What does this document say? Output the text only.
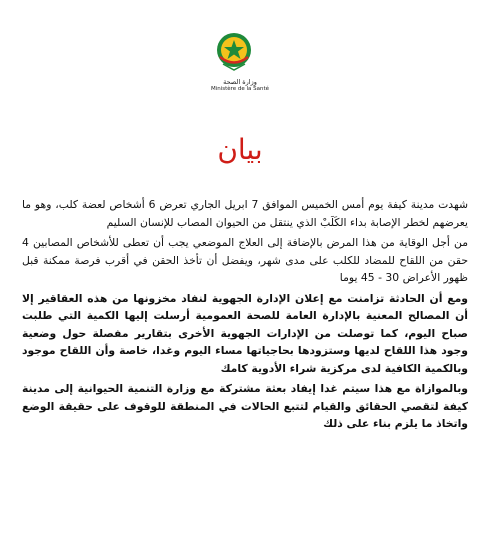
وزارة الصحة
Ministère de la Santé
بيان

شهدت مدينة كيفة يوم أمس الخميس الموافق 7 ابريل الجاري تعرض 6 أشخاص لعضة كلب، وهو ما يعرضهم لخطر الإصابة بداء الكَلَبْ الذي ينتقل من الحيوان المصاب للإنسان السليم

من أجل الوقاية من هذا المرض بالإضافة إلى العلاج الموضعي يجب أن تعطى للأشخاص المصابين 4 حقن من اللقاح للمضاد للكلب على مدى شهر، ويفضل أن تأخذ الحقن في أقرب فرصة ممكنة قبل ظهور الأعراض 30 - 45 يوما

ومع أن الحادثة تزامنت مع إعلان الإدارة الجهوية لنفاد مخزونها من هذه العقاقير إلا أن المصالح المعنية بالإدارة العامة للصحة العمومية أرسلت إليها الكمية التي طلبت صباح اليوم، كما توصلت من الإدارات الجهوية الأخرى بتقارير مفصلة حول وضعية وجود هذا اللقاح لديها وستزودها بحاجياتها مساء اليوم وغدا، خاصة وأن اللقاح موجود وبالكمية الكافية لدى مركزية شراء الأدوية كامك

وبالموازاة مع هذا سيتم غدا إيفاد بعثة مشتركة مع وزارة التنمية الحيوانية إلى مدينة كيفة لتقصي الحقائق والقيام لتتبع الحالات في المنطقة للوقوف على حقيقة الوضع واتخاذ ما يلزم بناء على ذلك
